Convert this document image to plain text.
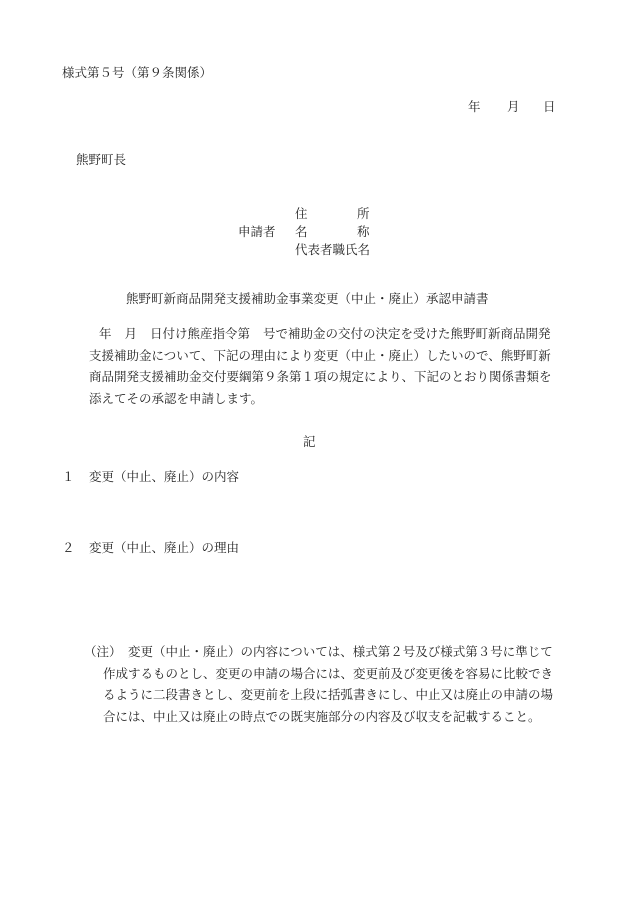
様式第５号（第９条関係）
年 月 日
熊野町長
住	所
申請者 名	称
代表者職氏名
熊野町新商品開発支援補助金事業変更（中止・廃止）承認申請書
年 月 日付け熊産指令第 号で補助金の交付の決定を受けた熊野町新商品開発
支援補助金について、下記の理由により変更（中止・廃止）したいので、熊野町新
商品開発支援補助金交付要綱第９条第１項の規定により、下記のとおり関係書類を
添えてその承認を申請します。
記
１ 変更（中止、廃止）の内容
２ 変更（中止、廃止）の理由
（注） 変更（中止・廃止）の内容については、様式第２号及び様式第３号に準じて
作成するものとし、変更の申請の場合には、変更前及び変更後を容易に比較でき
るように二段書きとし、変更前を上段に括弧書きにし、中止又は廃止の申請の場
合には、中止又は廃止の時点での既実施部分の内容及び収支を記載すること。
